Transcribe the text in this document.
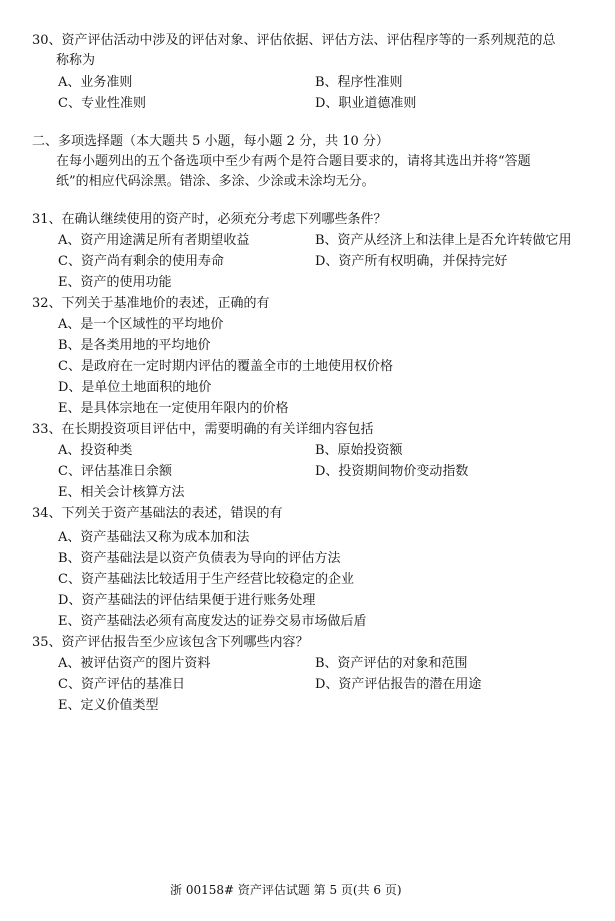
30、资产评估活动中涉及的评估对象、评估依据、评估方法、评估程序等的一系列规范的总
称称为
A、业务准则	B、程序性准则
C、专业性准则	D、职业道德准则
二、多项选择题（本大题共 5 小题，每小题 2 分，共 10 分）
在每小题列出的五个备选项中至少有两个是符合题目要求的，请将其选出并将“答题
纸”的相应代码涂黑。错涂、多涂、少涂或未涂均无分。
31、在确认继续使用的资产时，必须充分考虑下列哪些条件？
A、资产用途满足所有者期望收益	B、资产从经济上和法律上是否允许转做它用
C、资产尚有剩余的使用寿命	D、资产所有权明确，并保持完好
E、资产的使用功能
32、下列关于基准地价的表述，正确的有
A、是一个区域性的平均地价
B、是各类用地的平均地价
C、是政府在一定时期内评估的覆盖全市的土地使用权价格
D、是单位土地面积的地价
E、是具体宗地在一定使用年限内的价格
33、在长期投资项目评估中，需要明确的有关详细内容包括
A、投资种类	B、原始投资额
C、评估基准日余额	D、投资期间物价变动指数
E、相关会计核算方法
34、下列关于资产基础法的表述，错误的有
A、资产基础法又称为成本加和法
B、资产基础法是以资产负债表为导向的评估方法
C、资产基础法比较适用于生产经营比较稳定的企业
D、资产基础法的评估结果便于进行账务处理
E、资产基础法必须有高度发达的证券交易市场做后盾
35、资产评估报告至少应该包含下列哪些内容？
A、被评估资产的图片资料	B、资产评估的对象和范围
C、资产评估的基准日	D、资产评估报告的潜在用途
E、定义价值类型
浙 00158# 资产评估试题 第 5 页(共 6 页)
